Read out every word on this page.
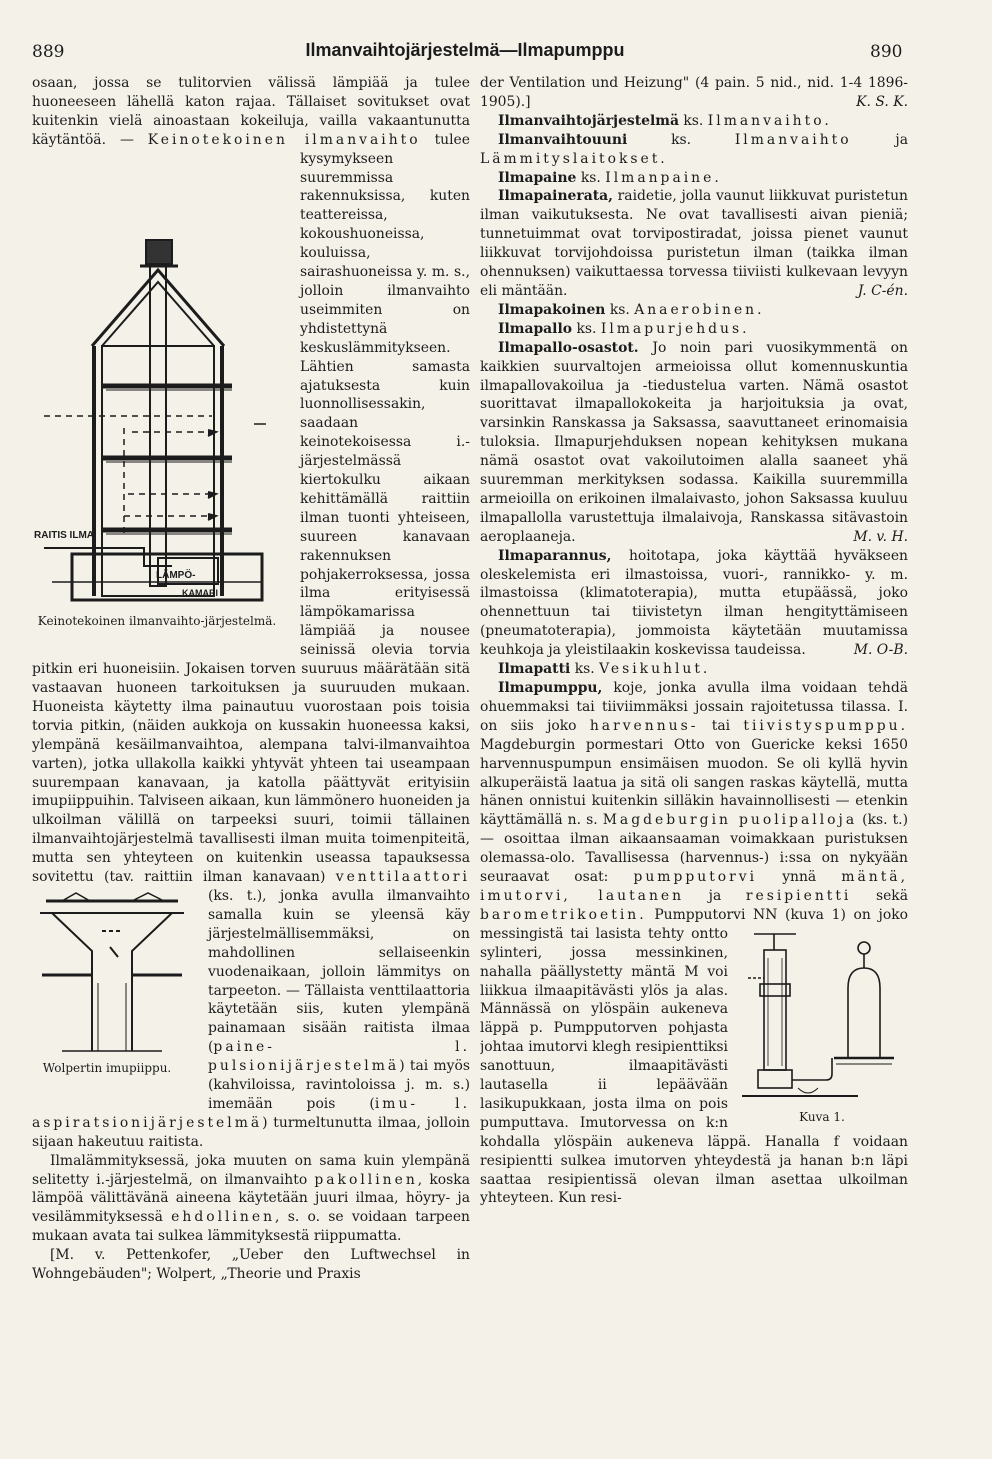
889	Ilmanvaihtojärjestelmä—Ilmapumppu	890

osaan, jossa se tulitorvien välissä lämpiää ja tulee huoneeseen lähellä katon rajaa. Tällaiset sovitukset ovat kuitenkin vielä ainoastaan kokeiluja, vailla vakaantunutta käytäntöä. — Keinotekoinen ilmanvaihto
RAITIS ILMA
LÄMPÖ-
KAMARI
Keinotekoinen ilmanvaihto-järjestelmä.
tulee kysymykseen suuremmissa rakennuksissa, kuten teattereissa, kokoushuoneissa, kouluissa, sairashuoneissa y. m. s., jolloin ilmanvaihto useimmiten on yhdistettynä keskuslämmitykseen. Lähtien samasta ajatuksesta kuin luonnollisessakin, saadaan keinotekoisessa i.-järjestelmässä kiertokulku aikaan kehittämällä raittiin ilman tuonti yhteiseen, suureen kanavaan rakennuksen pohjakerroksessa, jossa ilma erityisessä lämpökamarissa lämpiää ja nousee seinissä olevia torvia pitkin eri huoneisiin. Jokaisen torven suuruus määrätään sitä vastaavan huoneen tarkoituksen ja suuruuden mukaan. Huoneista käytetty ilma painautuu vuorostaan pois toisia torvia pitkin, (näiden aukkoja on kussakin huoneessa kaksi, ylempänä kesäilmanvaihtoa, alempana talvi-ilmanvaihtoa varten), jotka ullakolla kaikki yhtyvät yhteen tai useampaan suurempaan kanavaan, ja katolla päättyvät erityisiin imupiippuihin. Talviseen aikaan, kun lämmönero huoneiden ja ulkoilman välillä on tarpeeksi suuri, toimii tällainen ilmanvaihtojärjestelmä tavallisesti ilman muita toimenpiteitä, mutta sen yhteyteen on kuitenkin useassa tapauksessa sovitettu (tav. raittiin ilman kanavaan)
Wolpertin imupiippu.
venttilaattori (ks. t.), jonka avulla ilmanvaihto samalla kuin se yleensä käy järjestelmällisemmäksi, on mahdollinen sellaiseenkin vuodenaikaan, jolloin lämmitys on tarpeeton. — Tällaista venttilaattoria käytetään siis, kuten ylempänä painamaan sisään raitista ilmaa (paine- l. pulsionijärjestelmä) tai myös (kahviloissa, ravintoloissa j. m. s.) imemään pois (imu- l. aspiratsionijärjestelmä) turmeltunutta ilmaa, jolloin sijaan hakeutuu raitista.

Ilmalämmityksessä, joka muuten on sama kuin ylempänä selitetty i.-järjestelmä, on ilmanvaihto pakollinen, koska lämpöä välittävänä aineena käytetään juuri ilmaa, höyry- ja vesilämmityksessä ehdollinen, s. o. se voidaan tarpeen mukaan avata tai sulkea lämmityksestä riippumatta.

[M. v. Pettenkofer, „Ueber den Luftwechsel in Wohngebäuden"; Wolpert, „Theorie und Praxis

der Ventilation und Heizung" (4 pain. 5 nid., nid. 1-4 1896-1905).]	K. S. K.

Ilmanvaihtojärjestelmä ks. Ilmanvaihto.

Ilmanvaihtouuni	ks.	Ilmanvaihto	ja Lämmityslaitokset.

Ilmapaine ks. Ilmanpaine.

Ilmapainerata, raidetie, jolla vaunut liikkuvat puristetun ilman vaikutuksesta. Ne ovat tavallisesti aivan pieniä; tunnetuimmat ovat torvipostiradat, joissa pienet vaunut liikkuvat torvijohdoissa puristetun ilman (taikka ilman ohennuksen) vaikuttaessa torvessa tiiviisti kulkevaan levyyn eli mäntään.	J. C-én.

Ilmapakoinen ks. Anaerobinen.

Ilmapallo ks. Ilmapurjehdus.

Ilmapallo-osastot. Jo noin pari vuosikymmentä on kaikkien suurvaltojen armeioissa ollut komennuskuntia ilmapallovakoilua ja -tiedustelua varten. Nämä osastot suorittavat ilmapallokokeita ja harjoituksia ja ovat, varsinkin Ranskassa ja Saksassa, saavuttaneet erinomaisia tuloksia. Ilmapurjehduksen nopean kehityksen mukana nämä osastot ovat vakoilutoimen alalla saaneet yhä suuremman merkityksen sodassa. Kaikilla suuremmilla armeioilla on erikoinen ilmalaivasto, johon Saksassa kuuluu ilmapallolla varustettuja ilmalaivoja, Ranskassa sitävastoin aeroplaaneja.	M. v. H.

Ilmaparannus, hoitotapa, joka käyttää hyväkseen oleskelemista eri ilmastoissa, vuori-, rannikko- y. m. ilmastoissa (klimatoterapia), mutta etupäässä, joko ohennettuun tai tiivistetyn ilman hengityttämiseen (pneumatoterapia), jommoista käytetään muutamissa keuhkoja ja yleistilaakin koskevissa taudeissa.	M. O-B.

Ilmapatti ks. Vesikuhlut.

Ilmapumppu, koje, jonka avulla ilma voidaan tehdä ohuemmaksi tai tiiviimmäksi jossain rajoitetussa tilassa. I. on siis joko harvennus- tai tiivistyspumppu. Magdeburgin pormestari Otto von Guericke keksi 1650 harvennuspumpun ensimäisen muodon. Se oli kyllä hyvin alkuperäistä laatua ja sitä oli sangen raskas käytellä, mutta hänen onnistui kuitenkin silläkin havainnollisesti — etenkin käyttämällä n. s. Magdeburgin puolipalloja (ks. t.) — osoittaa ilman aikaansaaman voimakkaan puristuksen olemassa-olo. Tavallisessa (harvennus-) i:ssa on nykyään seuraavat osat: pumpputorvi ynnä mäntä, imutorvi, lautanen ja resipientti sekä barometrikoetin.
Kuva 1.
Pumpputorvi NN (kuva 1) on joko messingistä tai lasista tehty ontto sylinteri, jossa messinkinen, nahalla päällystetty mäntä M voi liikkua ilmaapitävästi ylös ja alas. Männässä on ylöspäin aukeneva läppä p. Pumpputorven pohjasta johtaa imutorvi klegh resipienttiksi sanottuun, ilmaapitävästi lautasella ii lepäävään lasikupukkaan, josta ilma on pois pumputtava. Imutorvessa on k:n kohdalla ylöspäin aukeneva läppä. Hanalla f voidaan resipientti sulkea imutorven yhteydestä ja hanan b:n läpi saattaa resipientissä olevan ilman asettaa ulkoilman yhteyteen. Kun resi-
